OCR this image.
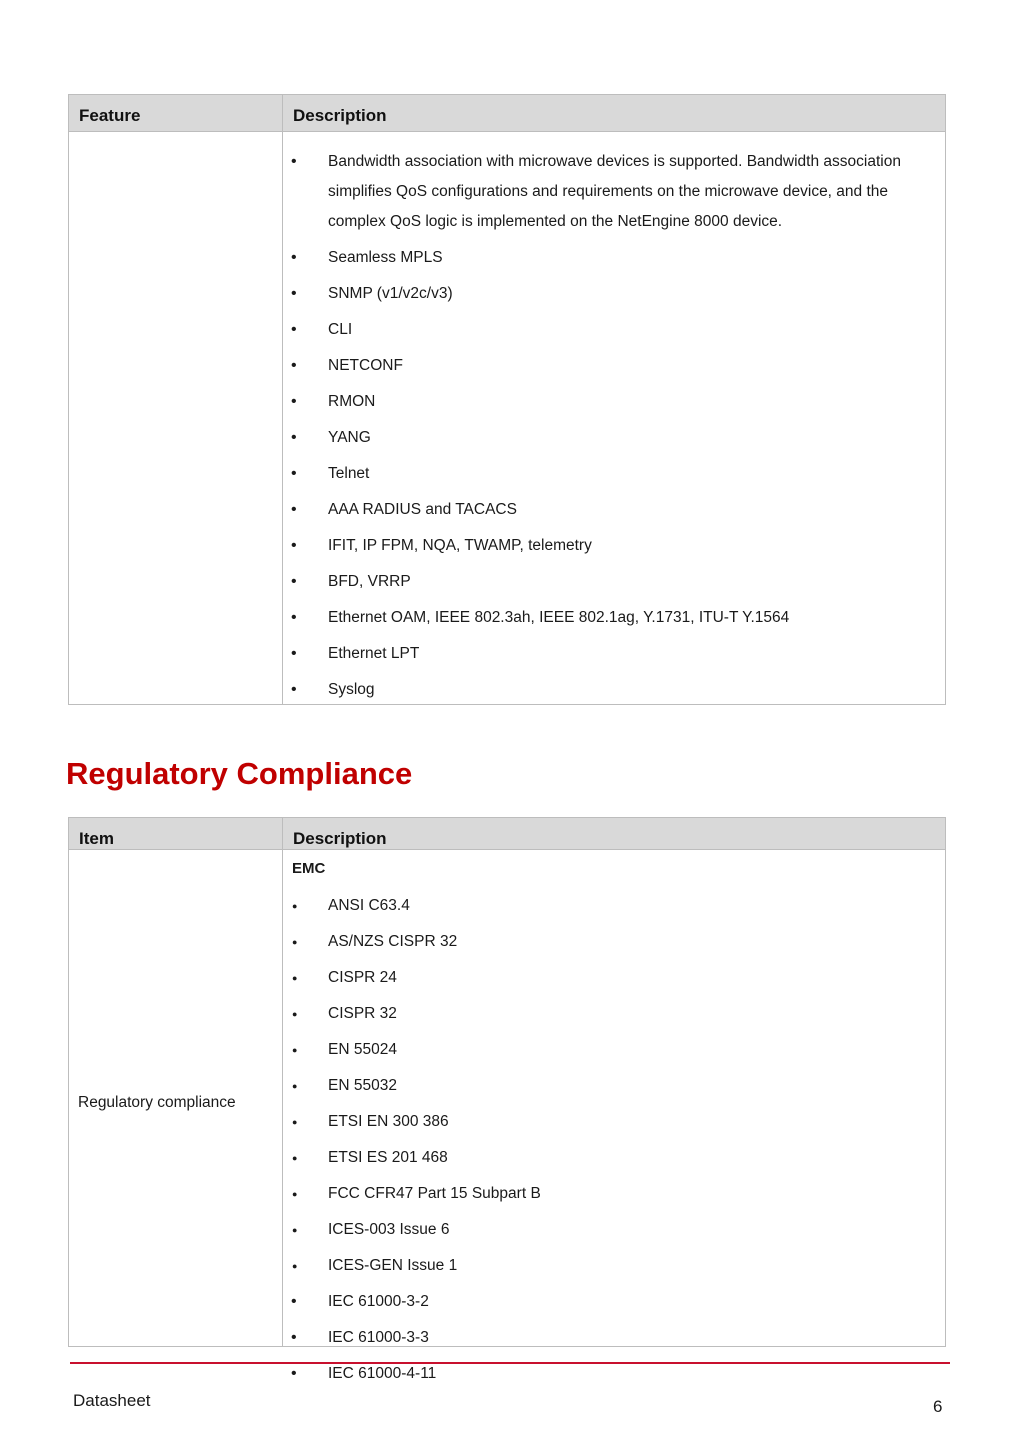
Feature	Description
• Bandwidth association with microwave devices is supported. Bandwidth association simplifies QoS configurations and requirements on the microwave device, and the complex QoS logic is implemented on the NetEngine 8000 device.
• Seamless MPLS
• SNMP (v1/v2c/v3)
• CLI
• NETCONF
• RMON
• YANG
• Telnet
• AAA RADIUS and TACACS
• IFIT, IP FPM, NQA, TWAMP, telemetry
• BFD, VRRP
• Ethernet OAM, IEEE 802.3ah, IEEE 802.1ag, Y.1731, ITU-T Y.1564
• Ethernet LPT
• Syslog
Regulatory Compliance
Item	Description
Regulatory compliance
EMC
● ANSI C63.4
● AS/NZS CISPR 32
● CISPR 24
● CISPR 32
● EN 55024
● EN 55032
● ETSI EN 300 386
● ETSI ES 201 468
● FCC CFR47 Part 15 Subpart B
● ICES-003 Issue 6
● ICES-GEN Issue 1
• IEC 61000-3-2
• IEC 61000-3-3
• IEC 61000-4-11
Datasheet	6
